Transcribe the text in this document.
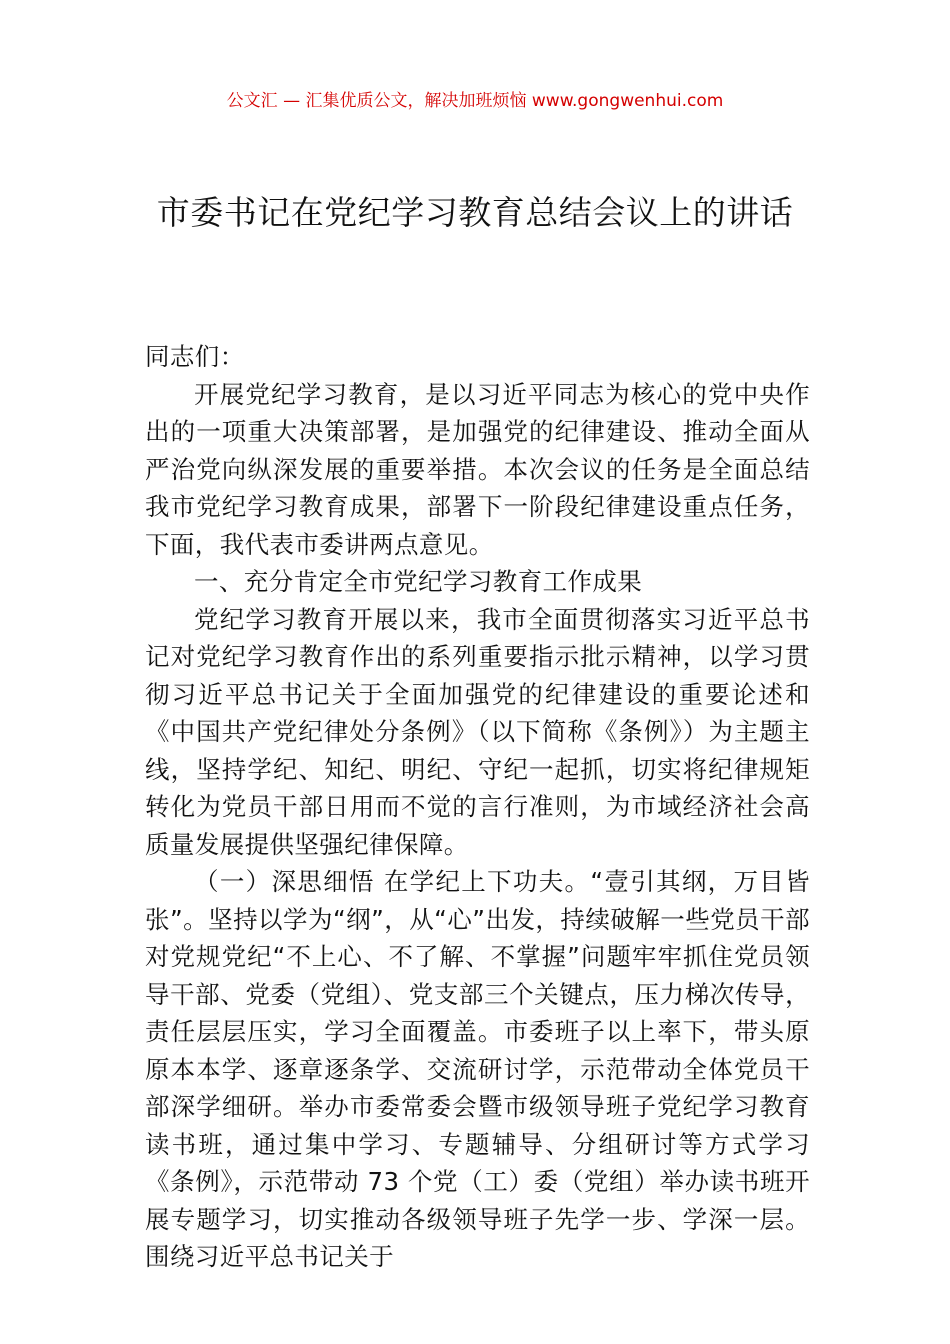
公文汇 — 汇集优质公文，解决加班烦恼 www.gongwenhui.com
市委书记在党纪学习教育总结会议上的讲话

同志们：

开展党纪学习教育，是以习近平同志为核心的党中央作出的一项重大决策部署，是加强党的纪律建设、推动全面从严治党向纵深发展的重要举措。本次会议的任务是全面总结我市党纪学习教育成果，部署下一阶段纪律建设重点任务，下面，我代表市委讲两点意见。

一、充分肯定全市党纪学习教育工作成果

党纪学习教育开展以来，我市全面贯彻落实习近平总书记对党纪学习教育作出的系列重要指示批示精神，以学习贯彻习近平总书记关于全面加强党的纪律建设的重要论述和《中国共产党纪律处分条例》（以下简称《条例》）为主题主线，坚持学纪、知纪、明纪、守纪一起抓，切实将纪律规矩转化为党员干部日用而不觉的言行准则，为市域经济社会高质量发展提供坚强纪律保障。

（一）深思细悟 在学纪上下功夫。“壹引其纲，万目皆张”。坚持以学为“纲”，从“心”出发，持续破解一些党员干部对党规党纪“不上心、不了解、不掌握”问题牢牢抓住党员领导干部、党委（党组）、党支部三个关键点，压力梯次传导，责任层层压实，学习全面覆盖。市委班子以上率下，带头原原本本学、逐章逐条学、交流研讨学，示范带动全体党员干部深学细研。举办市委常委会暨市级领导班子党纪学习教育读书班，通过集中学习、专题辅导、分组研讨等方式学习《条例》，示范带动 73 个党（工）委（党组）举办读书班开展专题学习，切实推动各级领导班子先学一步、学深一层。围绕习近平总书记关于
